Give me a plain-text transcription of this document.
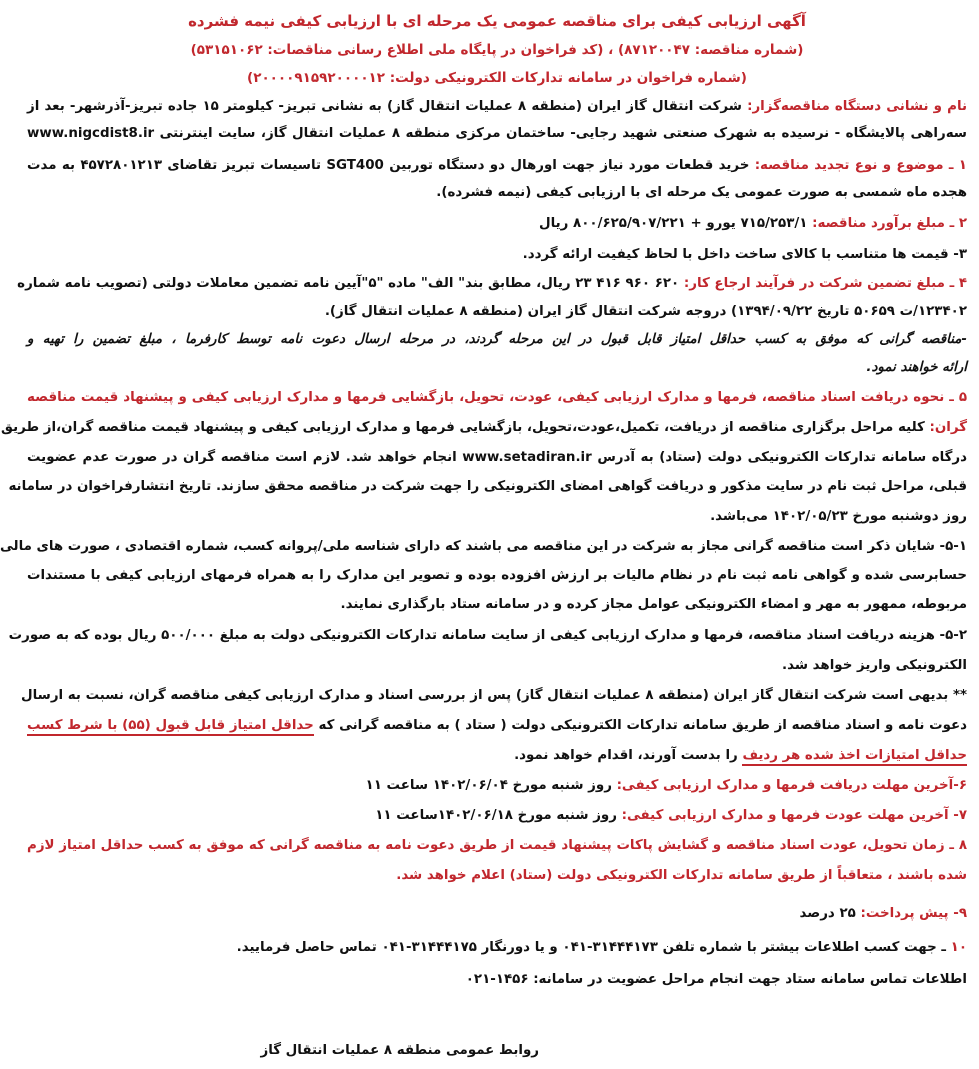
آگهی ارزیابی کیفی برای مناقصه عمومی یک مرحله ای با ارزیابی کیفی نیمه فشرده
(شماره مناقصه: ۸۷۱۲۰۰۴۷) ، (کد فراخوان در پایگاه ملی اطلاع رسانی مناقصات: ۵۳۱۵۱۰۶۲)
(شماره فراخوان در سامانه تدارکات الکترونیکی دولت: ۲۰۰۰۰۹۱۵۹۲۰۰۰۰۱۲)
نام و نشانی دستگاه مناقصه‌گزار: شرکت انتقال گاز ایران (منطقه ۸ عملیات انتقال گاز) به نشانی تبریز- کیلومتر ۱۵ جاده تبریز-آذرشهر- بعد از
سه‌راهی پالایشگاه - نرسیده به شهرک صنعتی شهید رجایی- ساختمان مرکزی منطقه ۸ عملیات انتقال گاز، سایت اینترنتی www.nigcdist8.ir
۱ ـ موضوع و نوع تجدید مناقصه: خرید قطعات مورد نیاز جهت اورهال دو دستگاه توربین SGT400 تاسیسات تبریز تقاضای ۴۵۷۲۸۰۱۲۱۳ به مدت
هجده ماه شمسی به صورت عمومی یک مرحله ای با ارزیابی کیفی (نیمه فشرده).
۲ ـ مبلغ برآورد مناقصه: ۷۱۵/۲۵۳/۱ یورو + ۸۰۰/۶۲۵/۹۰۷/۲۲۱ ریال
۳- قیمت ها متناسب با کالای ساخت داخل با لحاظ کیفیت ارائه گردد.
۴ ـ مبلغ تضمین شرکت در فرآیند ارجاع کار: ۶۲۰ ۹۶۰ ۴۱۶ ۲۳ ریال، مطابق بند" الف" ماده "۵"آیین نامه تضمین معاملات دولتی (تصویب نامه شماره
۱۲۳۴۰۲/ت ۵۰۶۵۹ تاریخ ۱۳۹۴/۰۹/۲۲) دروجه شرکت انتقال گاز ایران (منطقه ۸ عملیات انتقال گاز).
-مناقصه گرانی که موفق به کسب حداقل امتیاز قابل قبول در این مرحله گردند، در مرحله ارسال دعوت نامه توسط کارفرما ، مبلغ تضمین را تهیه و
ارائه خواهند نمود.
۵ ـ نحوه دریافت اسناد مناقصه، فرمها و مدارک ارزیابی کیفی، عودت، تحویل، بازگشایی فرمها و مدارک ارزیابی کیفی و پیشنهاد قیمت مناقصه
گران: کلیه مراحل برگزاری مناقصه از دریافت، تکمیل،عودت،تحویل، بازگشایی فرمها و مدارک ارزیابی کیفی و پیشنهاد قیمت مناقصه گران،از طریق
درگاه سامانه تدارکات الکترونیکی دولت (ستاد) به آدرس www.setadiran.ir انجام خواهد شد. لازم است مناقصه گران در صورت عدم عضویت
قبلی، مراحل ثبت نام در سایت مذکور و دریافت گواهی امضای الکترونیکی را جهت شرکت در مناقصه محقق سازند. تاریخ انتشارفراخوان در سامانه
روز دوشنبه مورخ ۱۴۰۲/۰۵/۲۳ می‌باشد.
۵-۱- شایان ذکر است مناقصه گرانی مجاز به شرکت در این مناقصه می باشند که دارای شناسه ملی/پروانه کسب، شماره اقتصادی ، صورت های مالی
حسابرسی شده و گواهی نامه ثبت نام در نظام مالیات بر ارزش افزوده بوده و تصویر این مدارک را به همراه فرمهای ارزیابی کیفی با مستندات
مربوطه، ممهور به مهر و امضاء الکترونیکی عوامل مجاز کرده و در سامانه ستاد بارگذاری نمایند.
۵-۲- هزینه دریافت اسناد مناقصه، فرمها و مدارک ارزیابی کیفی از سایت سامانه تدارکات الکترونیکی دولت به مبلغ ۵۰۰/۰۰۰ ریال بوده که به صورت
الکترونیکی واریز خواهد شد.
** بدیهی است شرکت انتقال گاز ایران (منطقه ۸ عملیات انتقال گاز) پس از بررسی اسناد و مدارک ارزیابی کیفی مناقصه گران، نسبت به ارسال
دعوت نامه و اسناد مناقصه از طریق سامانه تدارکات الکترونیکی دولت ( ستاد ) به مناقصه گرانی که حداقل امتیاز قابل قبول (۵۵) با شرط کسب
حداقل امتیازات اخذ شده هر ردیف را بدست آورند، اقدام خواهد نمود.
۶-آخرین مهلت دریافت فرمها و مدارک ارزیابی کیفی: روز شنبه مورخ ۱۴۰۲/۰۶/۰۴ ساعت ۱۱
۷- آخرین مهلت عودت فرمها و مدارک ارزیابی کیفی: روز شنبه مورخ ۱۴۰۲/۰۶/۱۸ساعت ۱۱
۸ ـ زمان تحویل، عودت اسناد مناقصه و گشایش پاکات پیشنهاد قیمت از طریق دعوت نامه به مناقصه گرانی که موفق به کسب حداقل امتیاز لازم
شده باشند ، متعاقباً از طریق سامانه تدارکات الکترونیکی دولت (ستاد) اعلام خواهد شد.
۹- پیش پرداخت: ۲۵ درصد
۱۰ ـ جهت کسب اطلاعات بیشتر با شماره تلفن ۳۱۴۴۴۱۷۳-۰۴۱ و یا دورنگار ۳۱۴۴۴۱۷۵-۰۴۱ تماس حاصل فرمایید.
اطلاعات تماس سامانه ستاد جهت انجام مراحل عضویت در سامانه: ۱۴۵۶-۰۲۱
روابط عمومی منطقه ۸ عملیات انتقال گاز
